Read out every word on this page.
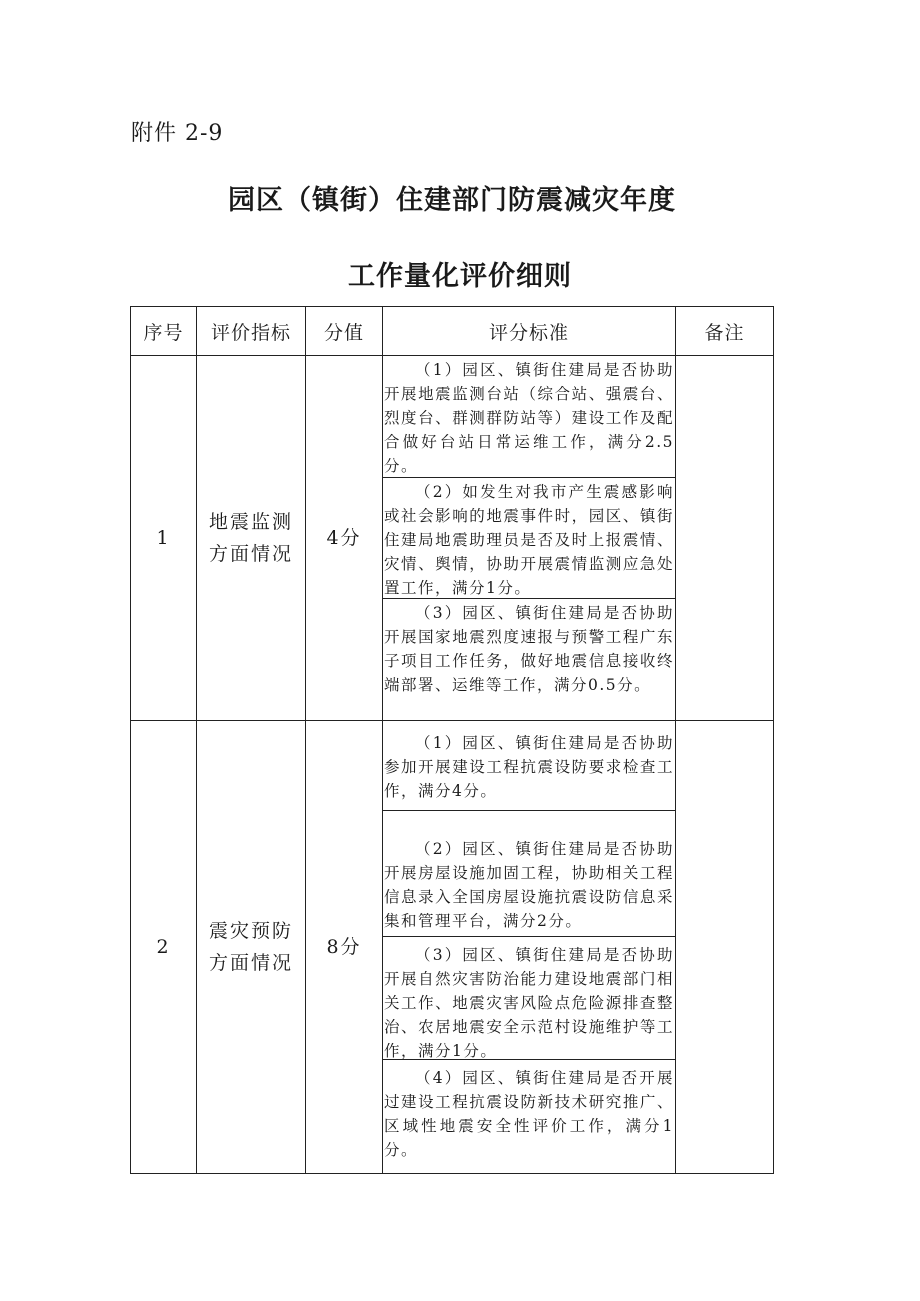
附件 2-9
园区（镇街）住建部门防震减灾年度
工作量化评价细则
序号	评价指标	分值	评分标准	备注
1	地震监测方面情况	4分	（1）园区、镇街住建局是否协助开展地震监测台站（综合站、强震台、烈度台、群测群防站等）建设工作及配合做好台站日常运维工作，满分2.5分。
（2）如发生对我市产生震感影响或社会影响的地震事件时，园区、镇街住建局地震助理员是否及时上报震情、灾情、舆情，协助开展震情监测应急处置工作，满分1分。
（3）园区、镇街住建局是否协助开展国家地震烈度速报与预警工程广东子项目工作任务，做好地震信息接收终端部署、运维等工作，满分0.5分。	

2	震灾预防方面情况	8分	（1）园区、镇街住建局是否协助参加开展建设工程抗震设防要求检查工作，满分4分。
（2）园区、镇街住建局是否协助开展房屋设施加固工程，协助相关工程信息录入全国房屋设施抗震设防信息采集和管理平台，满分2分。
（3）园区、镇街住建局是否协助开展自然灾害防治能力建设地震部门相关工作、地震灾害风险点危险源排查整治、农居地震安全示范村设施维护等工作，满分1分。
（4）园区、镇街住建局是否开展过建设工程抗震设防新技术研究推广、区域性地震安全性评价工作，满分1分。	
